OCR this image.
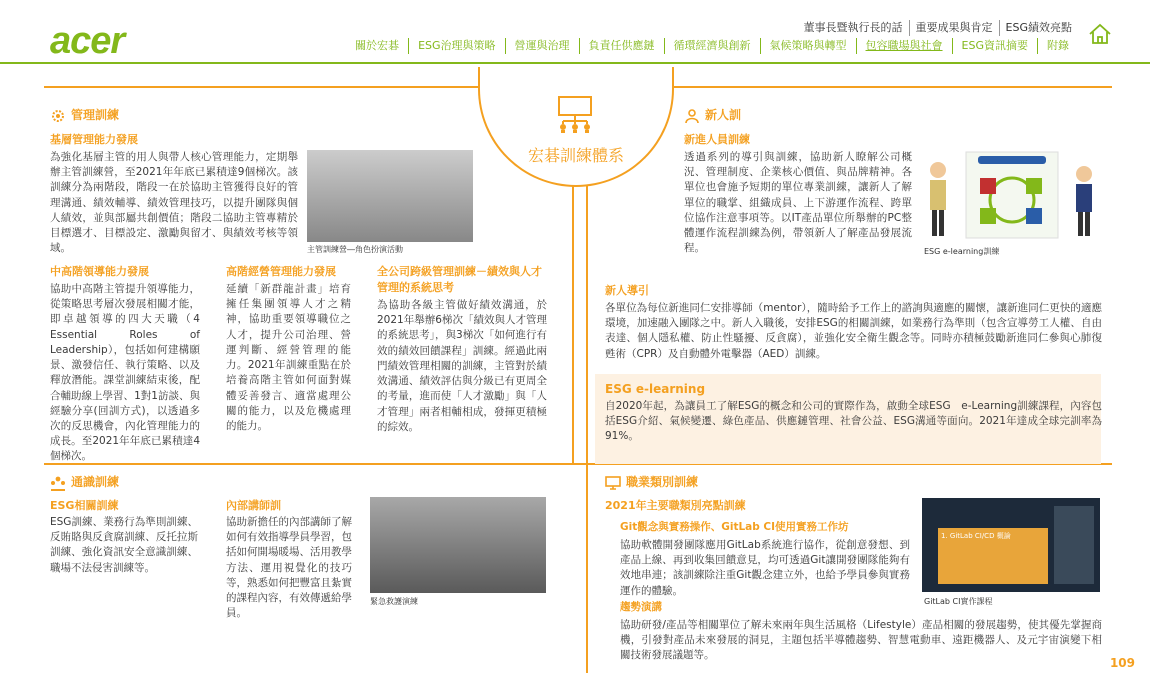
acer	董事長暨執行長的話	重要成果與肯定	ESG績效亮點
關於宏碁	ESG治理與策略	營運與治理	負責任供應鏈	循環經濟與創新	氣候策略與轉型	包容職場與社會	ESG資訊摘要	附錄
宏碁訓練體系
管理訓練
基層管理能力發展
為強化基層主管的用人與帶人核心管理能力，定期舉辦主管訓練營，至2021年年底已累積達9個梯次。該訓練分為兩階段，階段一在於協助主管獲得良好的管理溝通、績效輔導、績效管理技巧，以提升團隊與個人績效，並與部屬共創價值；階段二協助主管專精於目標選才、目標設定、激勵與留才、與績效考核等領域。	主管訓練營―角色扮演活動
中高階領導能力發展
協助中高階主管提升領導能力，從策略思考層次發展相關才能，即卓越領導的四大天職（4 Essential Roles of Leadership），包括如何建構願景、激發信任、執行策略、以及釋放潛能。課堂訓練結束後，配合輔助線上學習、1對1訪談、與經驗分享(回訓方式)，以透過多次的反思機會，內化管理能力的成長。至2021年年底已累積達4個梯次。
高階經營管理能力發展
延續「新群龍計畫」培育擁任集團領導人才之精神，協助重要領導職位之人才，提升公司治理、營運判斷、經營管理的能力。2021年訓練重點在於培養高階主管如何面對媒體妥善發言、適當處理公關的能力，以及危機處理的能力。
全公司跨級管理訓練－績效與人才管理的系統思考
為協助各級主管做好績效溝通，於2021年舉辦6梯次「績效與人才管理的系統思考」，與3梯次「如何進行有效的績效回饋課程」訓練。經過此兩門績效管理相關的訓練，主管對於績效溝通、績效評估與分級已有更周全的考量，進而使「人才激勵」與「人才管理」兩者相輔相成，發揮更積極的綜效。
新人訓
新進人員訓練
透過系列的導引與訓練，協助新人瞭解公司概況、管理制度、企業核心價值、與品牌精神。各單位也會施予短期的單位專業訓練，讓新人了解單位的職掌、組織成員、上下游運作流程、跨單位協作注意事項等。以IT產品單位所舉辦的PC整體運作流程訓練為例，帶領新人了解產品發展流程。	ESG e-learning訓練
新人導引
各單位為每位新進同仁安排導師（mentor），隨時給予工作上的諮詢與適應的關懷，讓新進同仁更快的適應環境，加速融入團隊之中。新人入職後，安排ESG的相關訓練，如業務行為準則（包含宣導勞工人權、自由表達、個人隱私權、防止性騷擾、反貪腐），並強化安全衛生觀念等。同時亦積極鼓勵新進同仁參與心肺復甦術（CPR）及自動體外電擊器（AED）訓練。
ESG e-learning
自2020年起，為讓員工了解ESG的概念和公司的實際作為，啟動全球ESG　e-Learning訓練課程，內容包括ESG介紹、氣候變遷、綠色產品、供應鏈管理、社會公益、ESG溝通等面向。2021年達成全球完訓率為91%。
通識訓練
ESG相關訓練
ESG訓練、業務行為準則訓練、反賄賂與反貪腐訓練、反托拉斯訓練、強化資訊安全意識訓練、職場不法侵害訓練等。
內部講師訓
協助新擔任的內部講師了解如何有效指導學員學習，包括如何開場暖場、活用教學方法、運用視覺化的技巧等，熟悉如何把豐富且紮實的課程內容，有效傳遞給學員。
緊急救護演練
職業類別訓練
2021年主要職類別亮點訓練
Git觀念與實務操作、GitLab CI使用實務工作坊
協助軟體開發團隊應用GitLab系統進行協作，從創意發想、到產品上線、再到收集回饋意見，均可透過Git讓開發團隊能夠有效地串連；該訓練除注重Git觀念建立外，也給予學員參與實務運作的體驗。
1. GitLab CI/CD 概論
GitLab CI實作課程
趨勢演講
協助研發/產品等相關單位了解未來兩年與生活風格（Lifestyle）產品相關的發展趨勢，使其優先掌握商機，引發對產品未來發展的洞見，主題包括半導體趨勢、智慧電動車、遠距機器人、及元宇宙演變下相關技術發展議題等。
109
